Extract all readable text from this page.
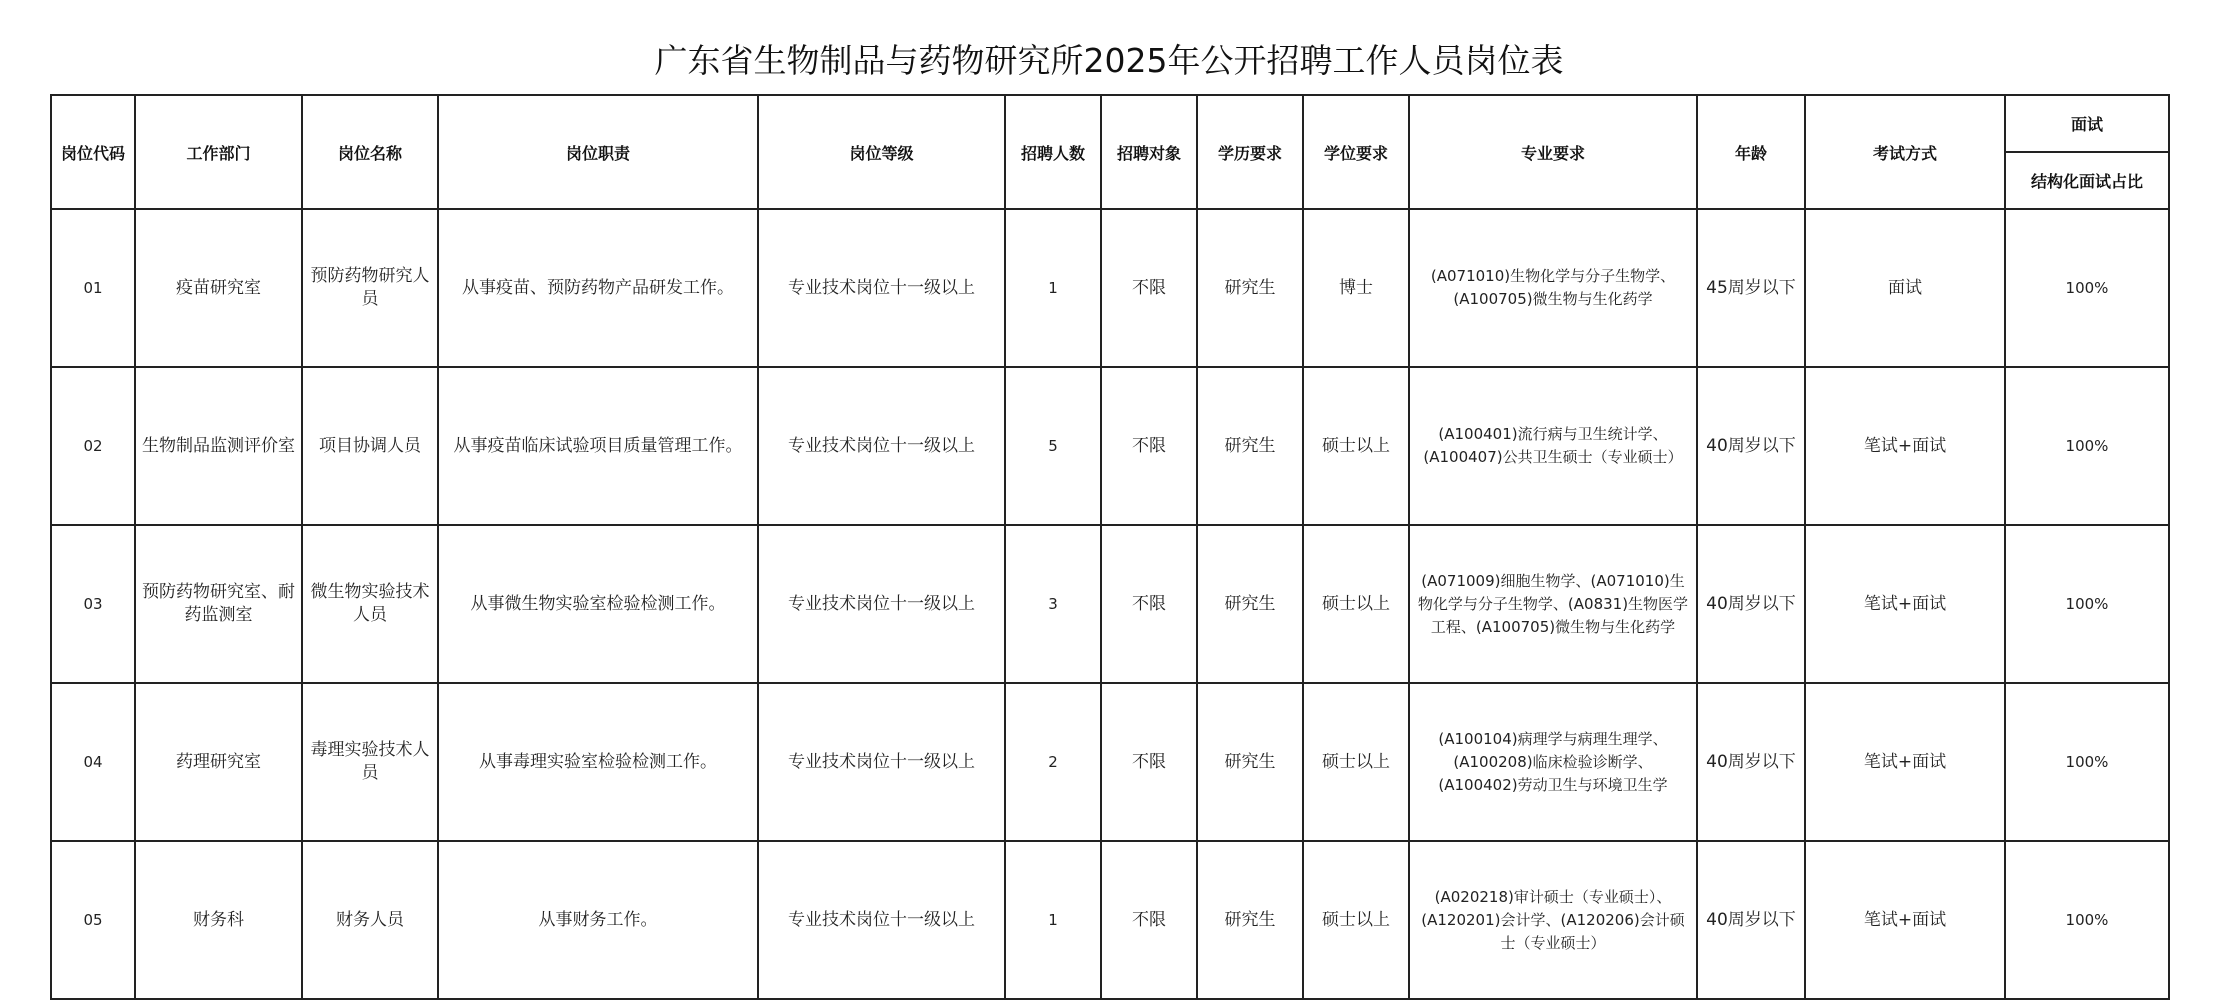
广东省生物制品与药物研究所2025年公开招聘工作人员岗位表
岗位代码	工作部门	岗位名称	岗位职责	岗位等级	招聘人数	招聘对象	学历要求	学位要求	专业要求	年龄	考试方式	面试
												结构化面试占比
01	疫苗研究室	预防药物研究人员	从事疫苗、预防药物产品研发工作。	专业技术岗位十一级以上	1	不限	研究生	博士	(A071010)生物化学与分子生物学、(A100705)微生物与生化药学	45周岁以下	面试	100%
02	生物制品监测评价室	项目协调人员	从事疫苗临床试验项目质量管理工作。	专业技术岗位十一级以上	5	不限	研究生	硕士以上	(A100401)流行病与卫生统计学、(A100407)公共卫生硕士（专业硕士）	40周岁以下	笔试+面试	100%
03	预防药物研究室、耐药监测室	微生物实验技术人员	从事微生物实验室检验检测工作。	专业技术岗位十一级以上	3	不限	研究生	硕士以上	(A071009)细胞生物学、(A071010)生物化学与分子生物学、(A0831)生物医学工程、(A100705)微生物与生化药学	40周岁以下	笔试+面试	100%
04	药理研究室	毒理实验技术人员	从事毒理实验室检验检测工作。	专业技术岗位十一级以上	2	不限	研究生	硕士以上	(A100104)病理学与病理生理学、(A100208)临床检验诊断学、(A100402)劳动卫生与环境卫生学	40周岁以下	笔试+面试	100%
05	财务科	财务人员	从事财务工作。	专业技术岗位十一级以上	1	不限	研究生	硕士以上	(A020218)审计硕士（专业硕士）、(A120201)会计学、(A120206)会计硕士（专业硕士）	40周岁以下	笔试+面试	100%
